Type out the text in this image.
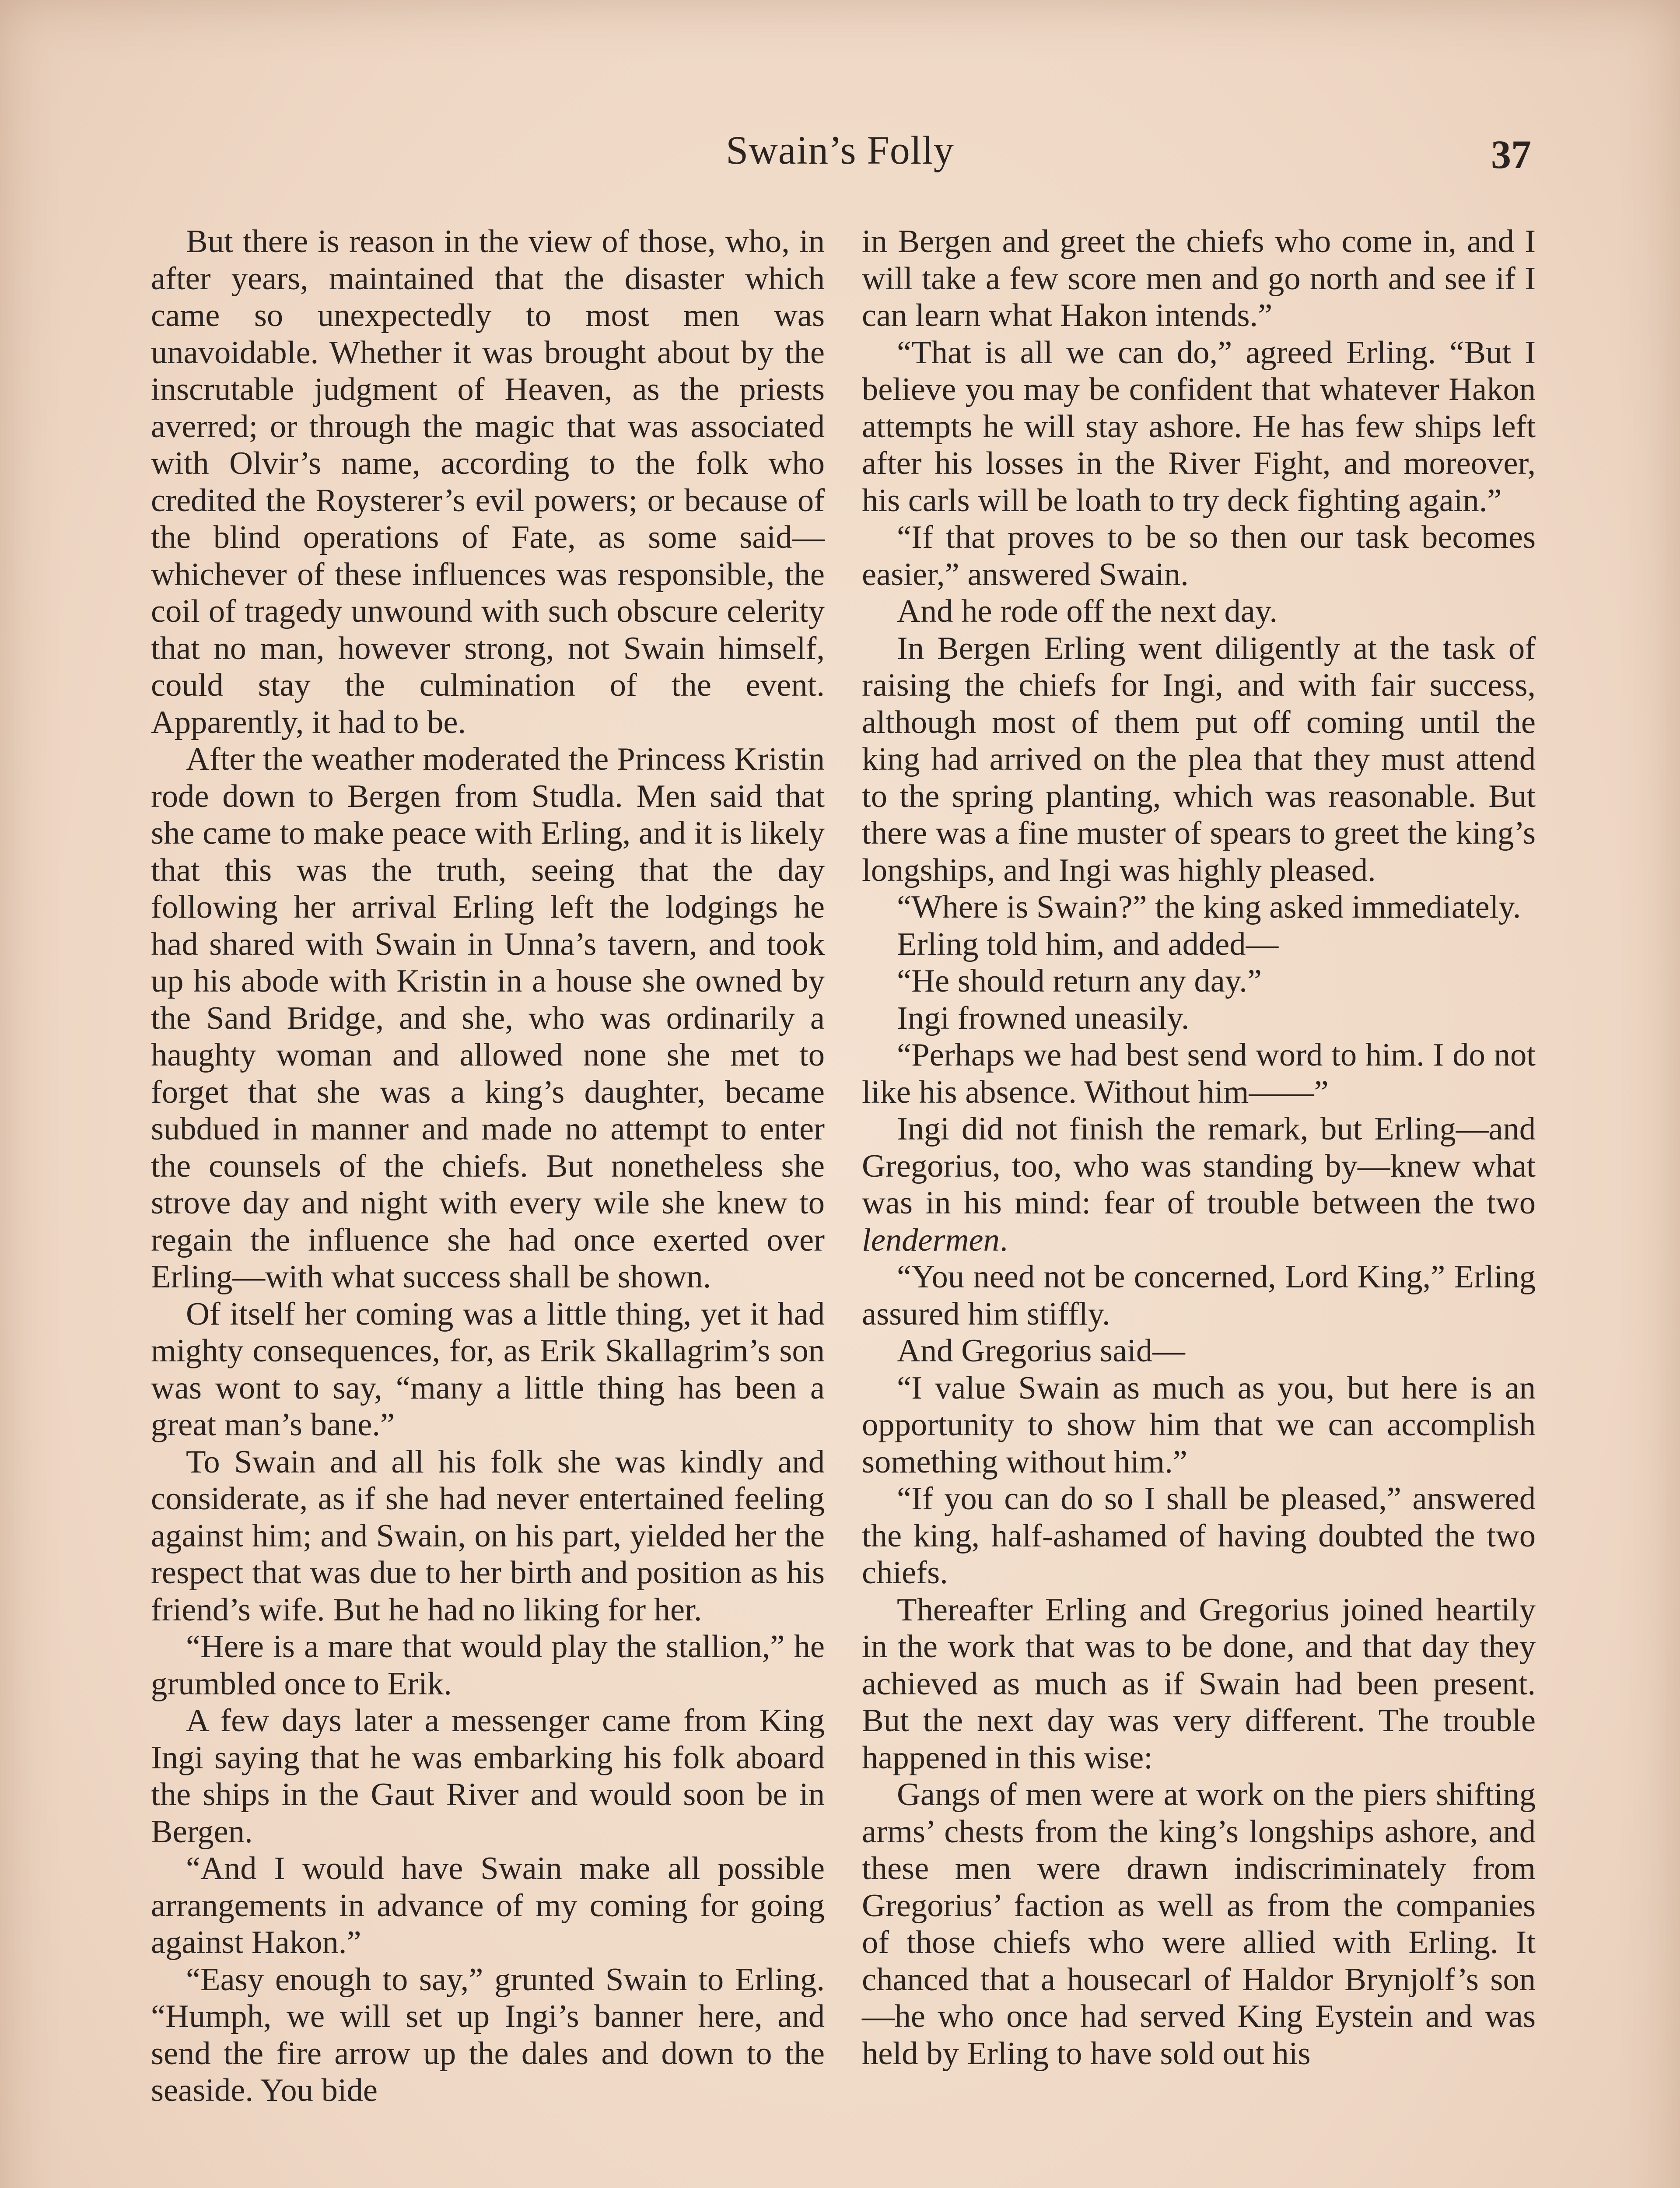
Swain’s Folly	37

But there is reason in the view of those, who, in after years, maintained that the disaster which came so unexpectedly to most men was unavoidable. Whether it was brought about by the inscrutable judgment of Heaven, as the priests averred; or through the magic that was associated with Olvir’s name, according to the folk who credited the Roysterer’s evil powers; or because of the blind operations of Fate, as some said—whichever of these influences was responsible, the coil of tragedy unwound with such obscure celerity that no man, however strong, not Swain himself, could stay the culmination of the event. Apparently, it had to be.

After the weather moderated the Princess Kristin rode down to Bergen from Studla. Men said that she came to make peace with Erling, and it is likely that this was the truth, seeing that the day following her arrival Erling left the lodgings he had shared with Swain in Unna’s tavern, and took up his abode with Kristin in a house she owned by the Sand Bridge, and she, who was ordinarily a haughty woman and allowed none she met to forget that she was a king’s daughter, became subdued in manner and made no attempt to enter the counsels of the chiefs. But nonetheless she strove day and night with every wile she knew to regain the influence she had once exerted over Erling—with what success shall be shown.

Of itself her coming was a little thing, yet it had mighty consequences, for, as Erik Skallagrim’s son was wont to say, “many a little thing has been a great man’s bane.”

To Swain and all his folk she was kindly and considerate, as if she had never entertained feeling against him; and Swain, on his part, yielded her the respect that was due to her birth and position as his friend’s wife. But he had no liking for her.

“Here is a mare that would play the stallion,” he grumbled once to Erik.

A few days later a messenger came from King Ingi saying that he was embarking his folk aboard the ships in the Gaut River and would soon be in Bergen.

“And I would have Swain make all possible arrangements in advance of my coming for going against Hakon.”

“Easy enough to say,” grunted Swain to Erling. “Humph, we will set up Ingi’s banner here, and send the fire arrow up the dales and down to the seaside. You bide

in Bergen and greet the chiefs who come in, and I will take a few score men and go north and see if I can learn what Hakon intends.”

“That is all we can do,” agreed Erling. “But I believe you may be confident that whatever Hakon attempts he will stay ashore. He has few ships left after his losses in the River Fight, and moreover, his carls will be loath to try deck fighting again.”

“If that proves to be so then our task becomes easier,” answered Swain.

And he rode off the next day.

In Bergen Erling went diligently at the task of raising the chiefs for Ingi, and with fair success, although most of them put off coming until the king had arrived on the plea that they must attend to the spring planting, which was reasonable. But there was a fine muster of spears to greet the king’s longships, and Ingi was highly pleased.

“Where is Swain?” the king asked immediately.

Erling told him, and added—

“He should return any day.”

Ingi frowned uneasily.

“Perhaps we had best send word to him. I do not like his absence. Without him——”

Ingi did not finish the remark, but Erling—and Gregorius, too, who was standing by—knew what was in his mind: fear of trouble between the two lendermen.

“You need not be concerned, Lord King,” Erling assured him stiffly.

And Gregorius said—

“I value Swain as much as you, but here is an opportunity to show him that we can accomplish something without him.”

“If you can do so I shall be pleased,” answered the king, half-ashamed of having doubted the two chiefs.

Thereafter Erling and Gregorius joined heartily in the work that was to be done, and that day they achieved as much as if Swain had been present. But the next day was very different. The trouble happened in this wise:

Gangs of men were at work on the piers shifting arms’ chests from the king’s longships ashore, and these men were drawn indiscriminately from Gregorius’ faction as well as from the companies of those chiefs who were allied with Erling. It chanced that a housecarl of Haldor Brynjolf’s son—he who once had served King Eystein and was held by Erling to have sold out his
